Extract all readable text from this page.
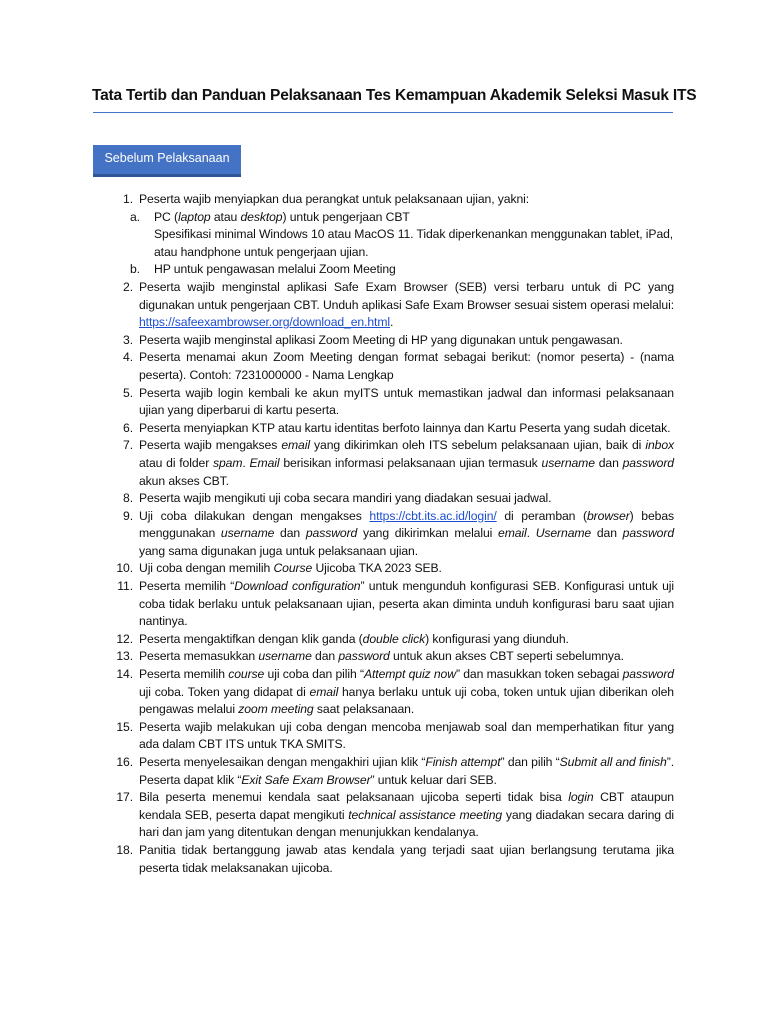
Tata Tertib dan Panduan Pelaksanaan Tes Kemampuan Akademik Seleksi Masuk ITS
Sebelum Pelaksanaan
1. Peserta wajib menyiapkan dua perangkat untuk pelaksanaan ujian, yakni:
a.	PC (laptop atau desktop) untuk pengerjaan CBT
Spesifikasi minimal Windows 10 atau MacOS 11. Tidak diperkenankan menggunakan tablet, iPad, atau handphone untuk pengerjaan ujian.
b.	HP untuk pengawasan melalui Zoom Meeting
2. Peserta wajib menginstal aplikasi Safe Exam Browser (SEB) versi terbaru untuk di PC yang digunakan untuk pengerjaan CBT. Unduh aplikasi Safe Exam Browser sesuai sistem operasi melalui: https://safeexambrowser.org/download_en.html.
3. Peserta wajib menginstal aplikasi Zoom Meeting di HP yang digunakan untuk pengawasan.
4. Peserta menamai akun Zoom Meeting dengan format sebagai berikut: (nomor peserta) - (nama peserta). Contoh: 7231000000 - Nama Lengkap
5. Peserta wajib login kembali ke akun myITS untuk memastikan jadwal dan informasi pelaksanaan ujian yang diperbarui di kartu peserta.
6. Peserta menyiapkan KTP atau kartu identitas berfoto lainnya dan Kartu Peserta yang sudah dicetak.
7. Peserta wajib mengakses email yang dikirimkan oleh ITS sebelum pelaksanaan ujian, baik di inbox atau di folder spam. Email berisikan informasi pelaksanaan ujian termasuk username dan password akun akses CBT.
8. Peserta wajib mengikuti uji coba secara mandiri yang diadakan sesuai jadwal.
9. Uji coba dilakukan dengan mengakses https://cbt.its.ac.id/login/ di peramban (browser) bebas menggunakan username dan password yang dikirimkan melalui email. Username dan password yang sama digunakan juga untuk pelaksanaan ujian.
10. Uji coba dengan memilih Course Ujicoba TKA 2023 SEB.
11. Peserta memilih “Download configuration” untuk mengunduh konfigurasi SEB. Konfigurasi untuk uji coba tidak berlaku untuk pelaksanaan ujian, peserta akan diminta unduh konfigurasi baru saat ujian nantinya.
12. Peserta mengaktifkan dengan klik ganda (double click) konfigurasi yang diunduh.
13. Peserta memasukkan username dan password untuk akun akses CBT seperti sebelumnya.
14. Peserta memilih course uji coba dan pilih “Attempt quiz now” dan masukkan token sebagai password uji coba. Token yang didapat di email hanya berlaku untuk uji coba, token untuk ujian diberikan oleh pengawas melalui zoom meeting saat pelaksanaan.
15. Peserta wajib melakukan uji coba dengan mencoba menjawab soal dan memperhatikan fitur yang ada dalam CBT ITS untuk TKA SMITS.
16. Peserta menyelesaikan dengan mengakhiri ujian klik “Finish attempt” dan pilih “Submit all and finish”. Peserta dapat klik “Exit Safe Exam Browser” untuk keluar dari SEB.
17. Bila peserta menemui kendala saat pelaksanaan ujicoba seperti tidak bisa login CBT ataupun kendala SEB, peserta dapat mengikuti technical assistance meeting yang diadakan secara daring di hari dan jam yang ditentukan dengan menunjukkan kendalanya.
18. Panitia tidak bertanggung jawab atas kendala yang terjadi saat ujian berlangsung terutama jika peserta tidak melaksanakan ujicoba.
